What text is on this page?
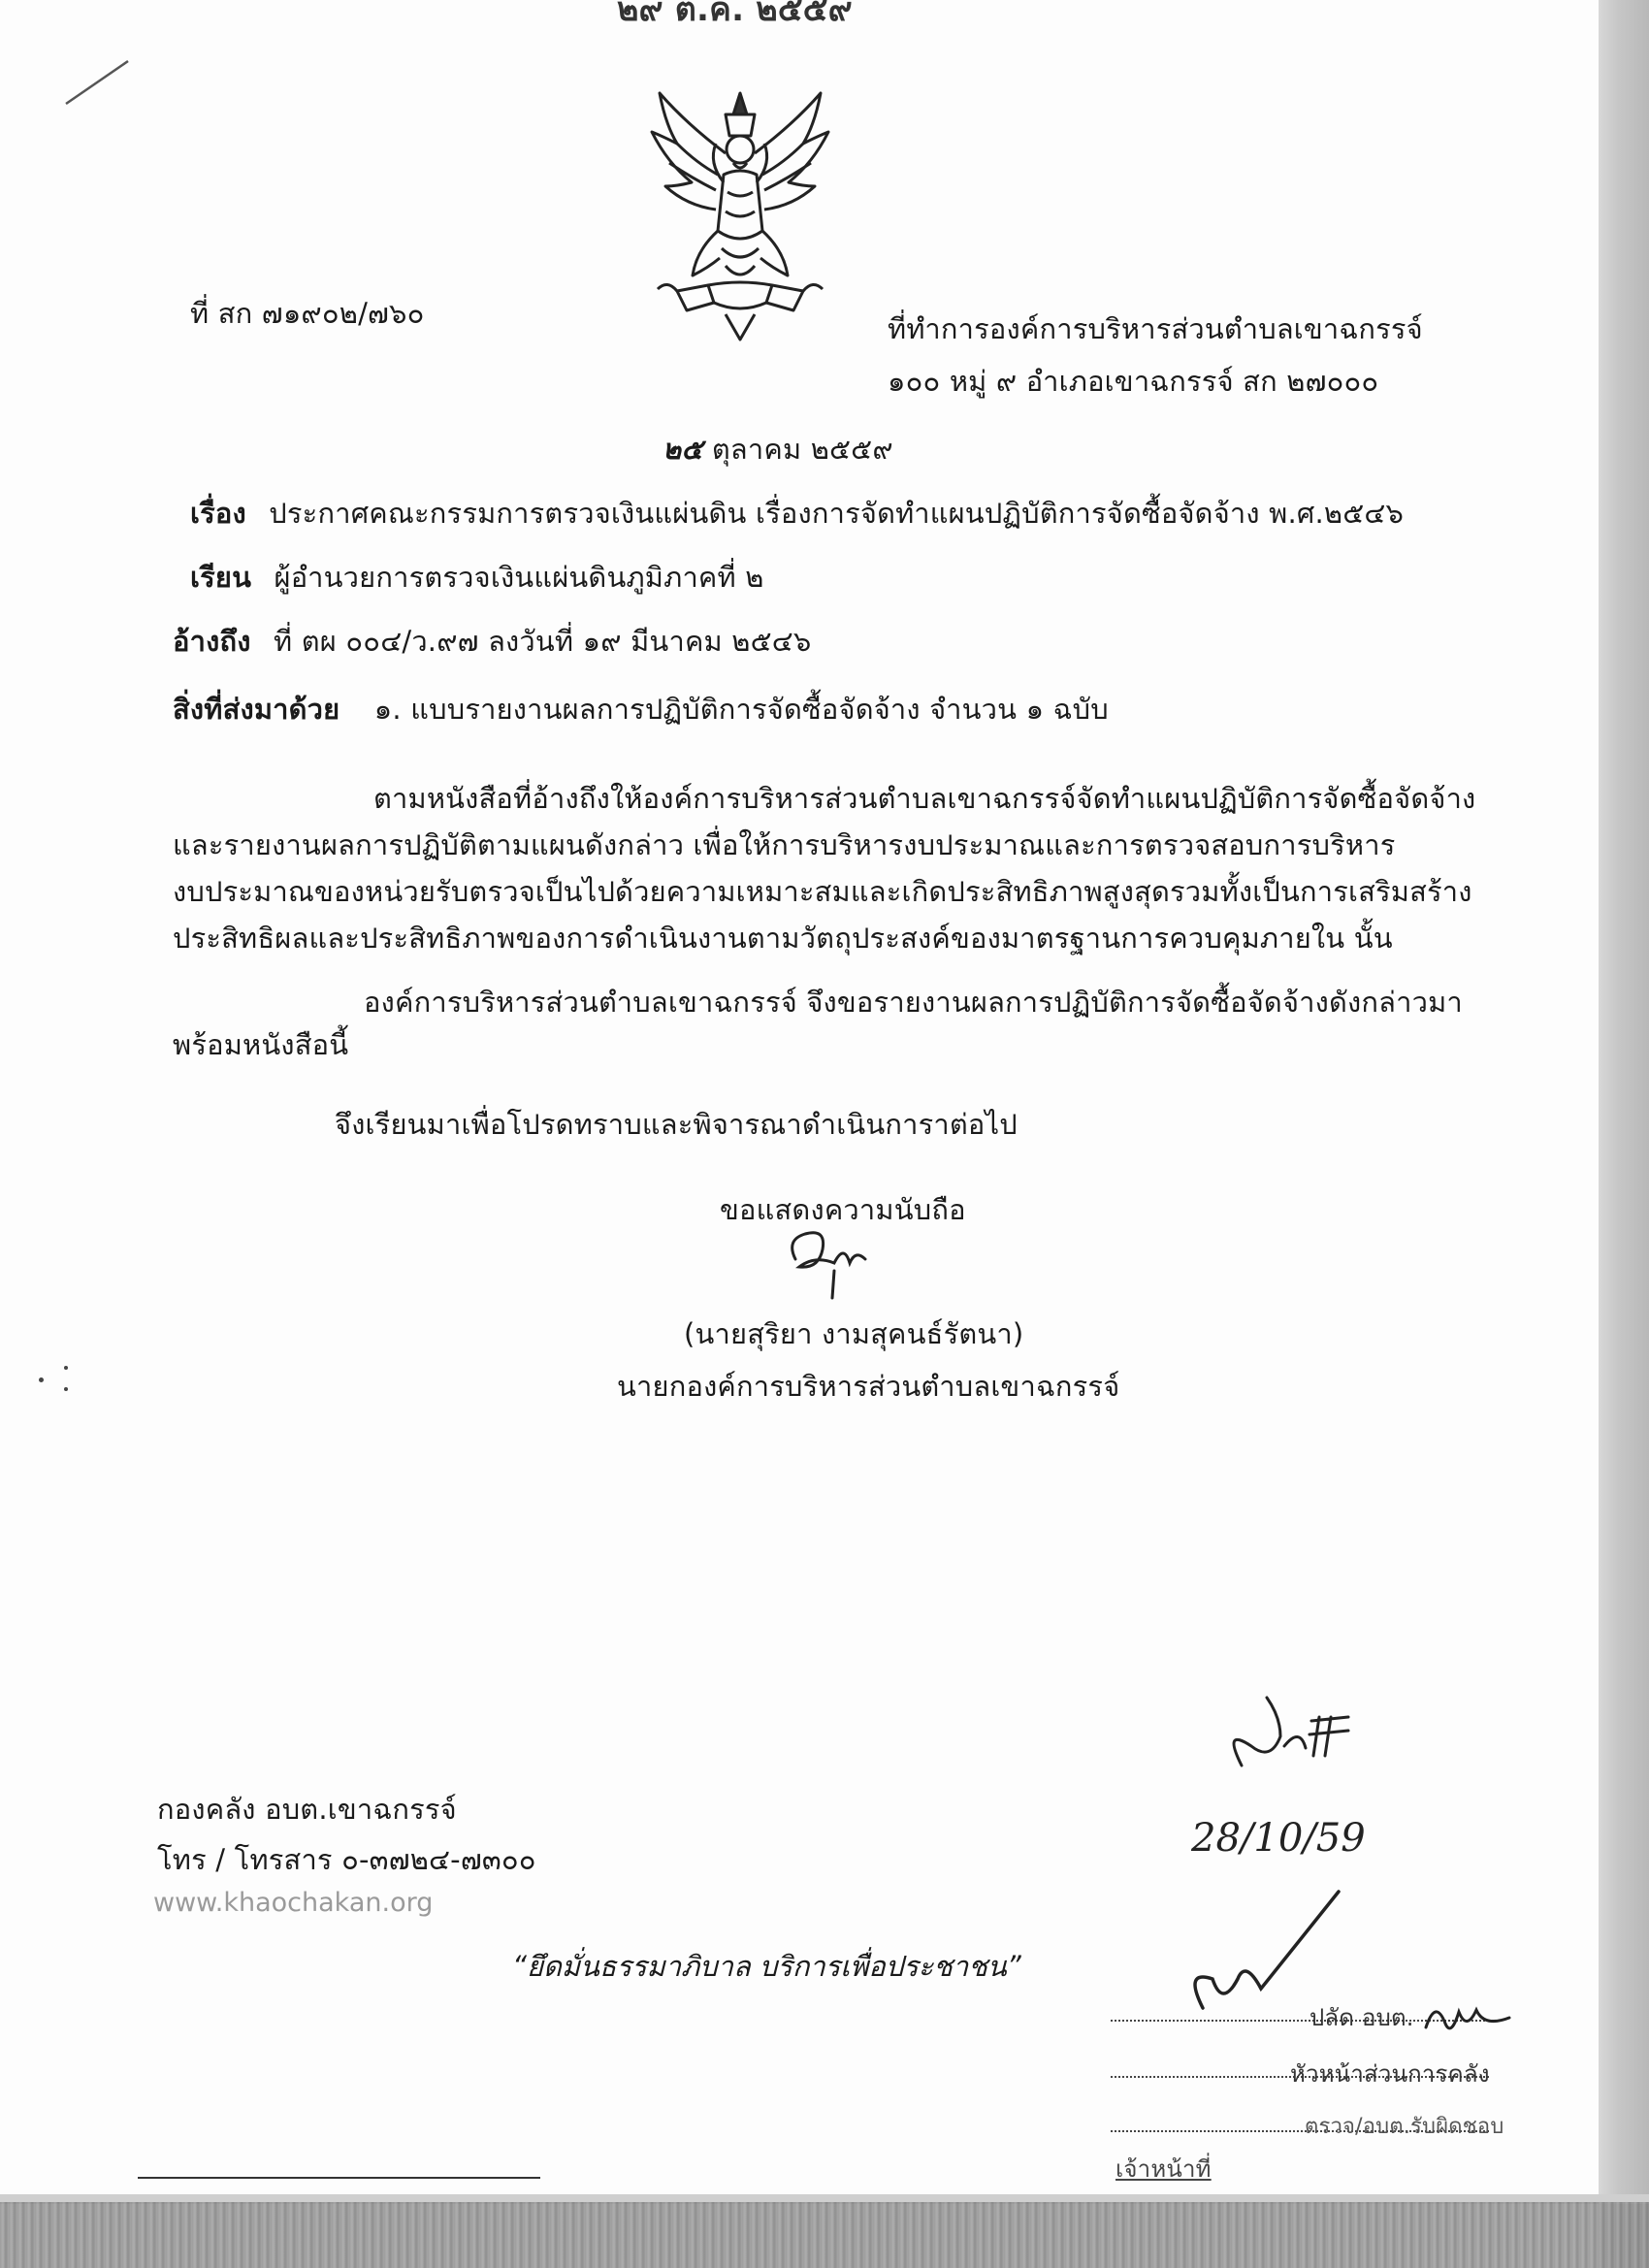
๒๙ ต.ค. ๒๕๕๙
ที่ สก ๗๑๙๐๒/๗๖๐	ที่ทำการองค์การบริหารส่วนตำบลเขาฉกรรจ์
๑๐๐ หมู่ ๙ อำเภอเขาฉกรรจ์ สก ๒๗๐๐๐
๒๕ ตุลาคม ๒๕๕๙
เรื่อง ประกาศคณะกรรมการตรวจเงินแผ่นดิน เรื่องการจัดทำแผนปฏิบัติการจัดซื้อจัดจ้าง พ.ศ.๒๕๔๖
เรียน ผู้อำนวยการตรวจเงินแผ่นดินภูมิภาคที่ ๒
อ้างถึง ที่ ตผ ๐๐๔/ว.๙๗ ลงวันที่ ๑๙ มีนาคม ๒๕๔๖
สิ่งที่ส่งมาด้วย ๑. แบบรายงานผลการปฏิบัติการจัดซื้อจัดจ้าง จำนวน ๑ ฉบับ
ตามหนังสือที่อ้างถึงให้องค์การบริหารส่วนตำบลเขาฉกรรจ์จัดทำแผนปฏิบัติการจัดซื้อจัดจ้าง
และรายงานผลการปฏิบัติตามแผนดังกล่าว เพื่อให้การบริหารงบประมาณและการตรวจสอบการบริหาร
งบประมาณของหน่วยรับตรวจเป็นไปด้วยความเหมาะสมและเกิดประสิทธิภาพสูงสุดรวมทั้งเป็นการเสริมสร้าง
ประสิทธิผลและประสิทธิภาพของการดำเนินงานตามวัตถุประสงค์ของมาตรฐานการควบคุมภายใน นั้น
องค์การบริหารส่วนตำบลเขาฉกรรจ์ จึงขอรายงานผลการปฏิบัติการจัดซื้อจัดจ้างดังกล่าวมา
พร้อมหนังสือนี้
จึงเรียนมาเพื่อโปรดทราบและพิจารณาดำเนินการาต่อไป
ขอแสดงความนับถือ
(นายสุริยา งามสุคนธ์รัตนา)
นายกองค์การบริหารส่วนตำบลเขาฉกรรจ์
28/10/59
กองคลัง อบต.เขาฉกรรจ์
โทร / โทรสาร ๐-๓๗๒๔-๗๓๐๐
www.khaochakan.org
“ยึดมั่นธรรมาภิบาล บริการเพื่อประชาชน”
ปลัด อบต.
หัวหน้าส่วนการคลัง
ตรวจ/อบต.รับผิดชอบ
เจ้าหน้าที่
